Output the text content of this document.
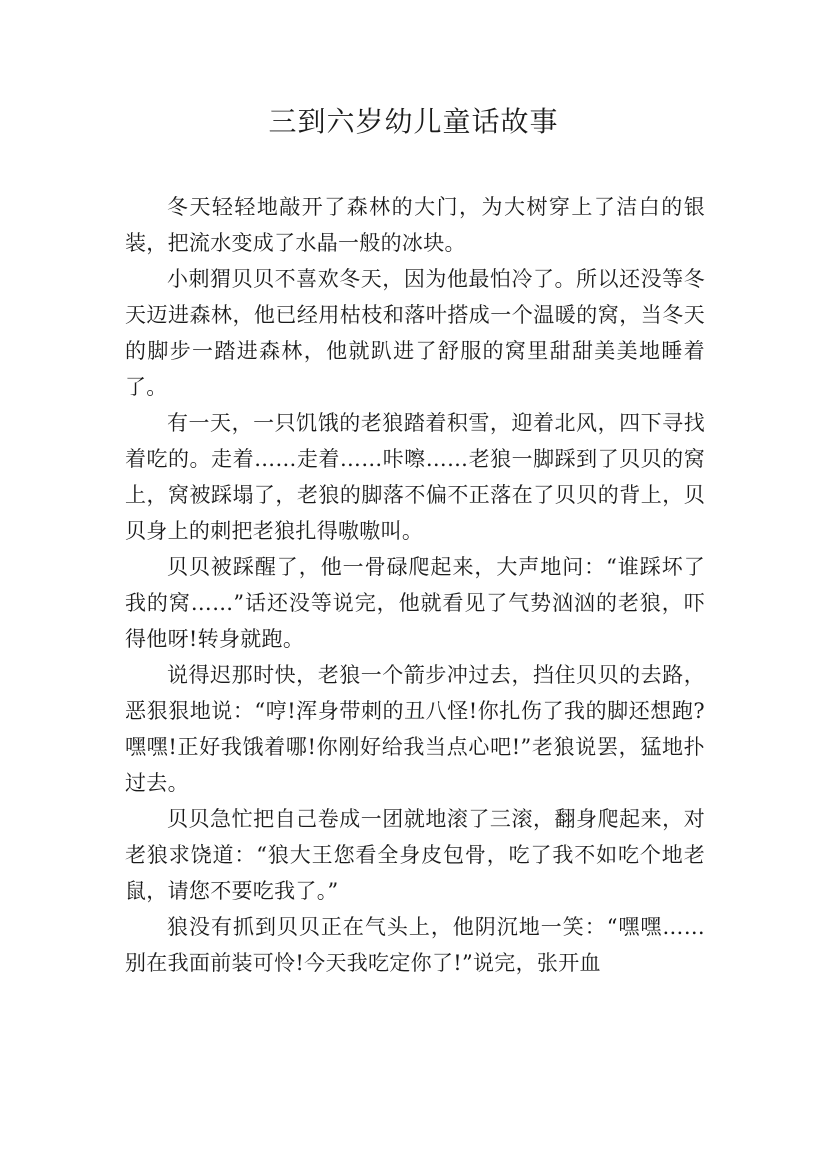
三到六岁幼儿童话故事

冬天轻轻地敲开了森林的大门，为大树穿上了洁白的银装，把流水变成了水晶一般的冰块。

小刺猬贝贝不喜欢冬天，因为他最怕冷了。所以还没等冬天迈进森林，他已经用枯枝和落叶搭成一个温暖的窝，当冬天的脚步一踏进森林，他就趴进了舒服的窝里甜甜美美地睡着了。

有一天，一只饥饿的老狼踏着积雪，迎着北风，四下寻找着吃的。走着……走着……咔嚓……老狼一脚踩到了贝贝的窝上，窝被踩塌了，老狼的脚落不偏不正落在了贝贝的背上，贝贝身上的刺把老狼扎得嗷嗷叫。

贝贝被踩醒了，他一骨碌爬起来，大声地问：“谁踩坏了我的窝……”话还没等说完，他就看见了气势汹汹的老狼，吓得他呀!转身就跑。

说得迟那时快，老狼一个箭步冲过去，挡住贝贝的去路，恶狠狠地说：“哼!浑身带刺的丑八怪!你扎伤了我的脚还想跑?嘿嘿!正好我饿着哪!你刚好给我当点心吧!”老狼说罢，猛地扑过去。

贝贝急忙把自己卷成一团就地滚了三滚，翻身爬起来，对老狼求饶道：“狼大王您看全身皮包骨，吃了我不如吃个地老鼠，请您不要吃我了。”

狼没有抓到贝贝正在气头上，他阴沉地一笑：“嘿嘿……别在我面前装可怜!今天我吃定你了!”说完，张开血
